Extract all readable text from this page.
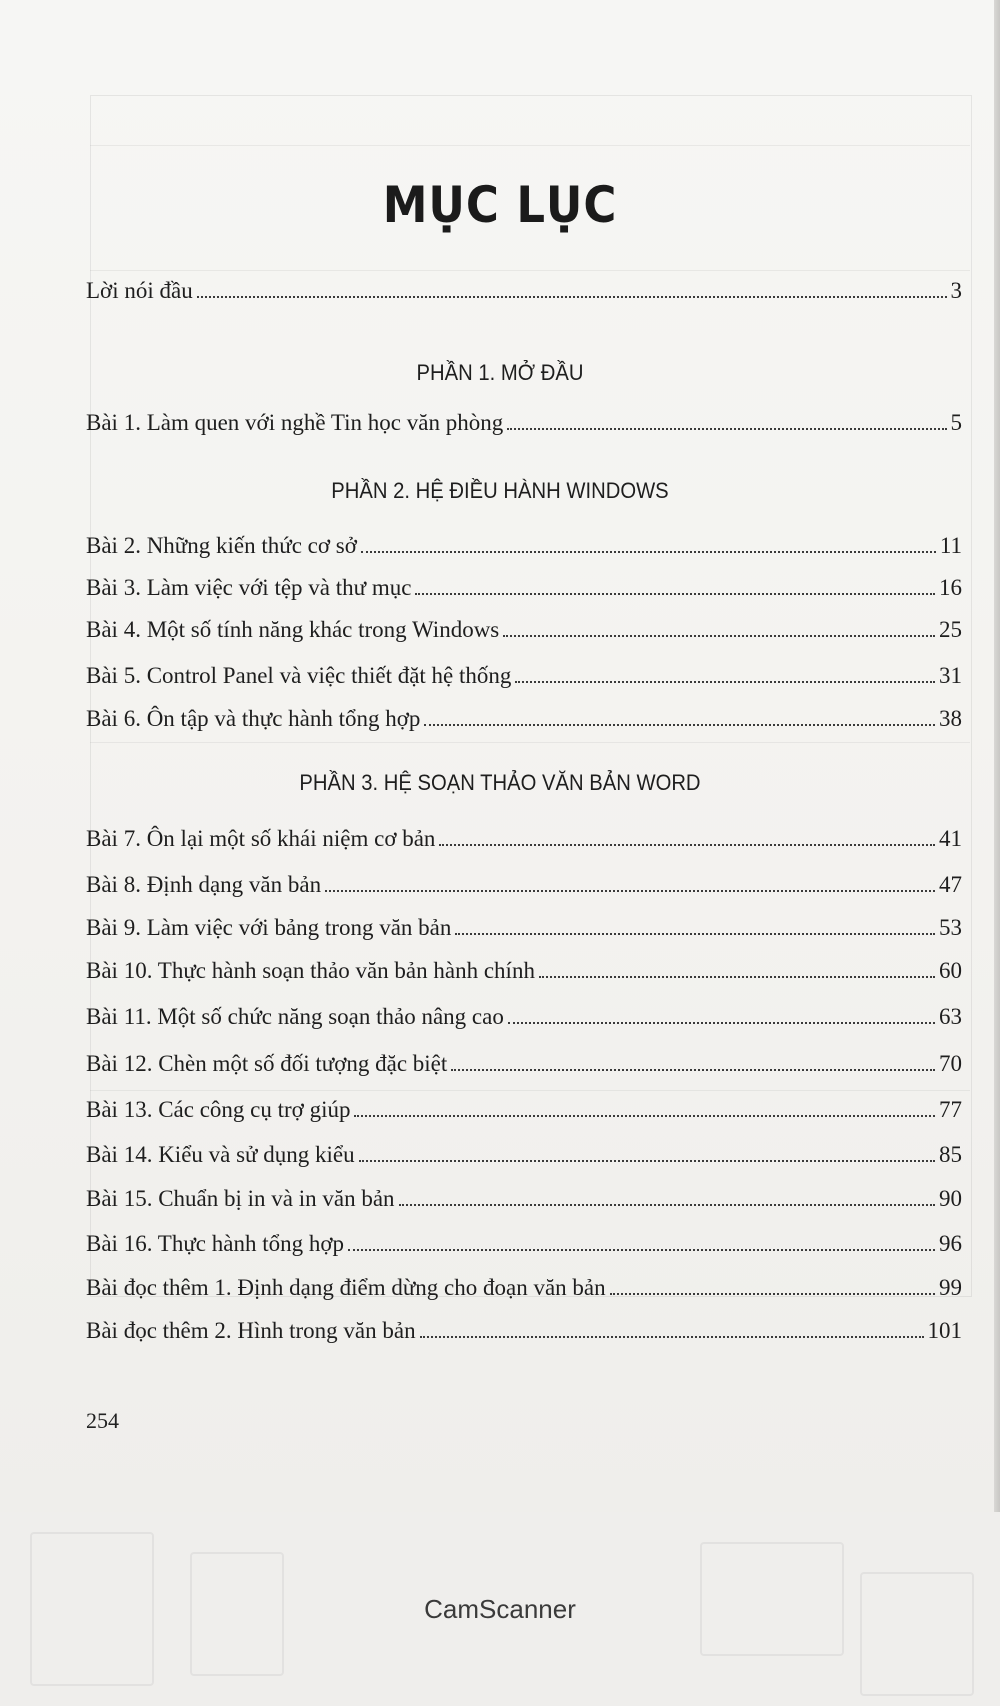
MỤC LỤC
Lời nói đầu	3
PHẦN 1. MỞ ĐẦU
Bài 1. Làm quen với nghề Tin học văn phòng	5
PHẦN 2. HỆ ĐIỀU HÀNH WINDOWS
Bài 2. Những kiến thức cơ sở	11
Bài 3. Làm việc với tệp và thư mục	16
Bài 4. Một số tính năng khác trong Windows	25
Bài 5. Control Panel và việc thiết đặt hệ thống	31
Bài 6. Ôn tập và thực hành tổng hợp	38
PHẦN 3. HỆ SOẠN THẢO VĂN BẢN WORD
Bài 7. Ôn lại một số khái niệm cơ bản	41
Bài 8. Định dạng văn bản	47
Bài 9. Làm việc với bảng trong văn bản	53
Bài 10. Thực hành soạn thảo văn bản hành chính	60
Bài 11. Một số chức năng soạn thảo nâng cao	63
Bài 12. Chèn một số đối tượng đặc biệt	70
Bài 13. Các công cụ trợ giúp	77
Bài 14. Kiểu và sử dụng kiểu	85
Bài 15. Chuẩn bị in và in văn bản	90
Bài 16. Thực hành tổng hợp	96
Bài đọc thêm 1. Định dạng điểm dừng cho đoạn văn bản	99
Bài đọc thêm 2. Hình trong văn bản	101
254
CamScanner
